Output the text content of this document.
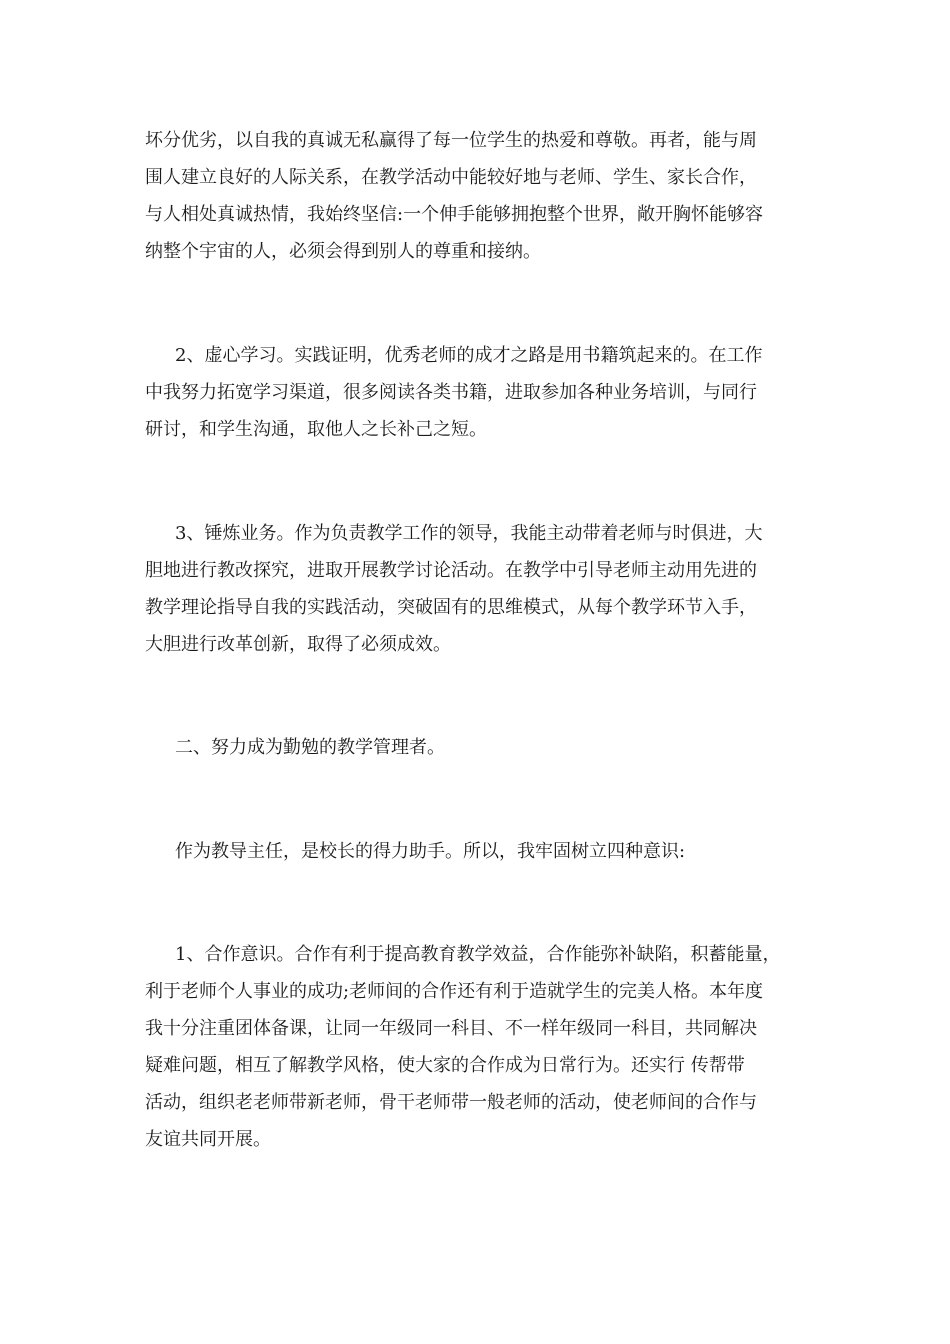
坏分优劣，以自我的真诚无私赢得了每一位学生的热爱和尊敬。再者，能与周
围人建立良好的人际关系，在教学活动中能较好地与老师、学生、家长合作，
与人相处真诚热情，我始终坚信:一个伸手能够拥抱整个世界，敞开胸怀能够容
纳整个宇宙的人，必须会得到别人的尊重和接纳。
2、虚心学习。实践证明，优秀老师的成才之路是用书籍筑起来的。在工作
中我努力拓宽学习渠道，很多阅读各类书籍，进取参加各种业务培训，与同行
研讨，和学生沟通，取他人之长补己之短。
3、锤炼业务。作为负责教学工作的领导，我能主动带着老师与时俱进，大
胆地进行教改探究，进取开展教学讨论活动。在教学中引导老师主动用先进的
教学理论指导自我的实践活动，突破固有的思维模式，从每个教学环节入手，
大胆进行改革创新，取得了必须成效。
二、努力成为勤勉的教学管理者。
作为教导主任，是校长的得力助手。所以，我牢固树立四种意识:
1、合作意识。合作有利于提高教育教学效益，合作能弥补缺陷，积蓄能量，
利于老师个人事业的成功;老师间的合作还有利于造就学生的完美人格。本年度
我十分注重团体备课，让同一年级同一科目、不一样年级同一科目，共同解决
疑难问题，相互了解教学风格，使大家的合作成为日常行为。还实行 传帮带
活动，组织老老师带新老师，骨干老师带一般老师的活动，使老师间的合作与
友谊共同开展。
